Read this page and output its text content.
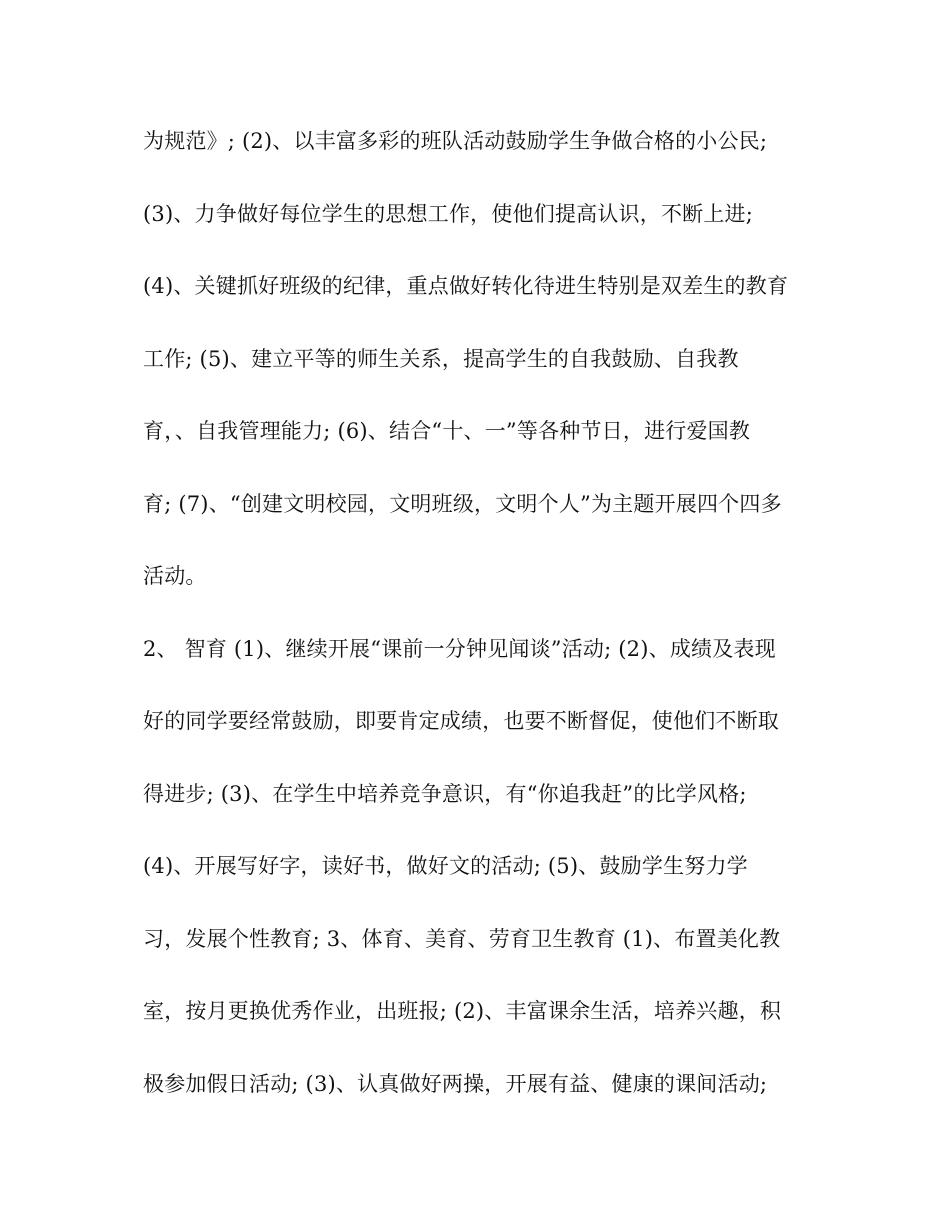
为规范》; (2)、以丰富多彩的班队活动鼓励学生争做合格的小公民;
(3)、力争做好每位学生的思想工作，使他们提高认识，不断上进;
(4)、关键抓好班级的纪律，重点做好转化待进生特别是双差生的教育
工作; (5)、建立平等的师生关系，提高学生的自我鼓励、自我教
育，、自我管理能力; (6)、结合“十、一”等各种节日，进行爱国教
育; (7)、“创建文明校园，文明班级，文明个人”为主题开展四个四多
活动。
2、 智育 (1)、继续开展“课前一分钟见闻谈”活动; (2)、成绩及表现
好的同学要经常鼓励，即要肯定成绩，也要不断督促，使他们不断取
得进步; (3)、在学生中培养竞争意识，有“你追我赶”的比学风格;
(4)、开展写好字，读好书，做好文的活动; (5)、鼓励学生努力学
习，发展个性教育; 3、体育、美育、劳育卫生教育 (1)、布置美化教
室，按月更换优秀作业，出班报; (2)、丰富课余生活，培养兴趣，积
极参加假日活动; (3)、认真做好两操，开展有益、健康的课间活动;
